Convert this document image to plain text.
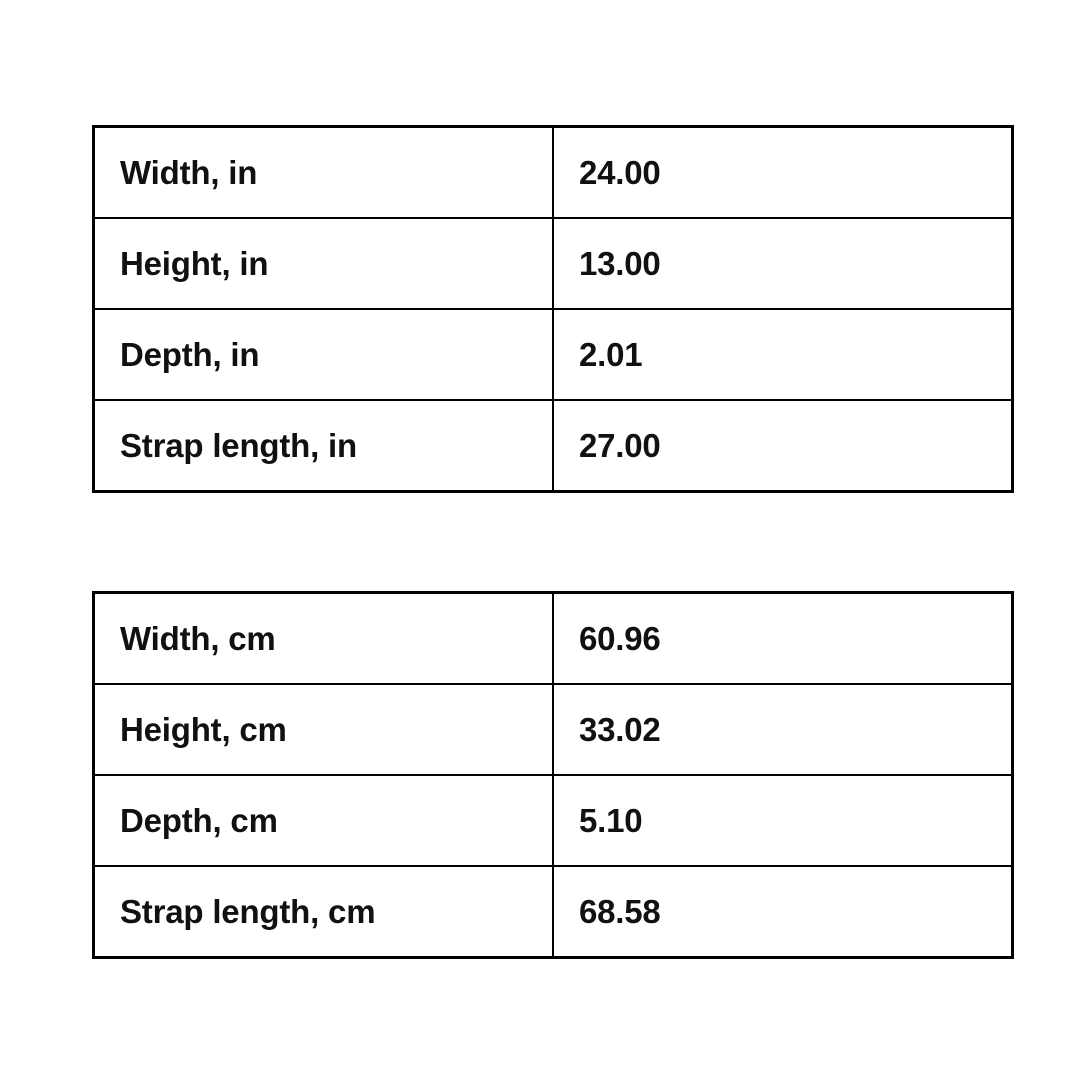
Width, in	24.00
Height, in	13.00
Depth, in	2.01
Strap length, in	27.00
Width, cm	60.96
Height, cm	33.02
Depth, cm	5.10
Strap length, cm	68.58
